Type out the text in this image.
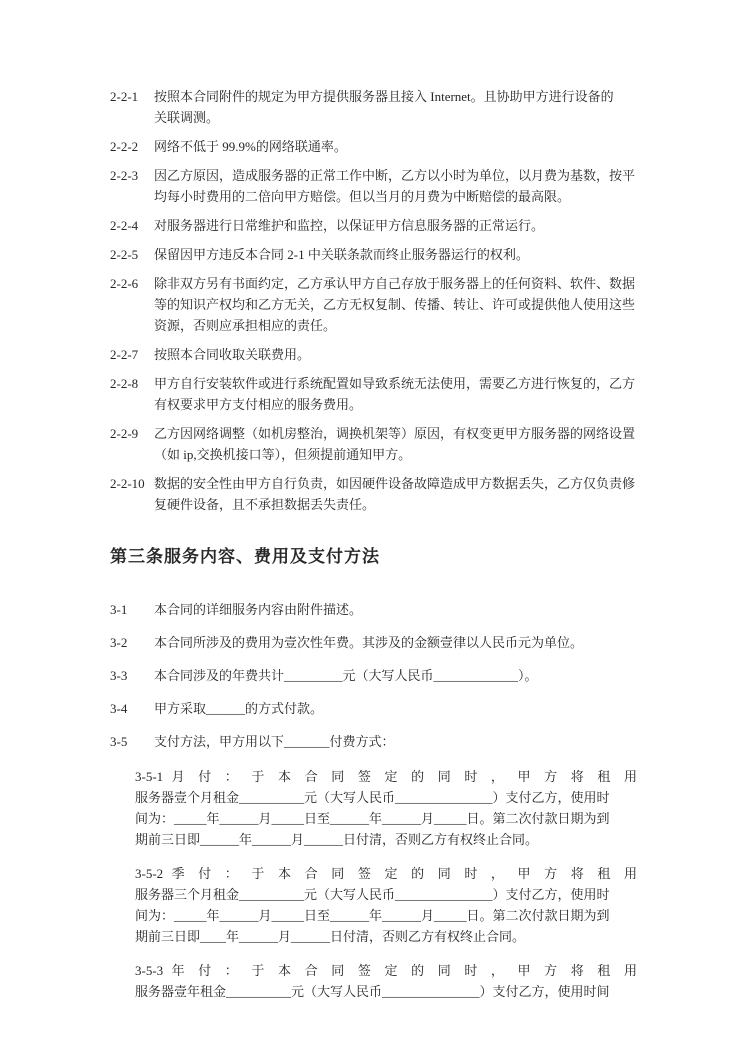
2-2-1	按照本合同附件的规定为甲方提供服务器且接入 Internet。且协助甲方进行设备的
关联调测。
2-2-2	网络不低于 99.9%的网络联通率。
2-2-3	因乙方原因，造成服务器的正常工作中断，乙方以小时为单位，以月费为基数，按平
均每小时费用的二倍向甲方赔偿。但以当月的月费为中断赔偿的最高限。
2-2-4	对服务器进行日常维护和监控，以保证甲方信息服务器的正常运行。
2-2-5	保留因甲方违反本合同 2-1 中关联条款而终止服务器运行的权利。
2-2-6	除非双方另有书面约定，乙方承认甲方自己存放于服务器上的任何资料、软件、数据
等的知识产权均和乙方无关，乙方无权复制、传播、转让、许可或提供他人使用这些
资源，否则应承担相应的责任。
2-2-7	按照本合同收取关联费用。
2-2-8	甲方自行安装软件或进行系统配置如导致系统无法使用，需要乙方进行恢复的，乙方
有权要求甲方支付相应的服务费用。
2-2-9	乙方因网络调整（如机房整治，调换机架等）原因，有权变更甲方服务器的网络设置
（如 ip,交换机接口等），但须提前通知甲方。
2-2-10 数据的安全性由甲方自行负责，如因硬件设备故障造成甲方数据丢失，乙方仅负责修
复硬件设备，且不承担数据丢失责任。
第三条服务内容、费用及支付方法
3-1	本合同的详细服务内容由附件描述。
3-2	本合同所涉及的费用为壹次性年费。其涉及的金额壹律以人民币元为单位。
3-3	本合同涉及的年费共计_________元（大写人民币_____________）。
3-4	甲方采取______的方式付款。
3-5	支付方法，甲方用以下_______付费方式：
3-5-1 月 付 ： 于 本 合 同 签 定 的 同 时 ， 甲 方 将 租 用
服务器壹个月租金__________元（大写人民币_______________）支付乙方，使用时
间为：_____年______月_____日至______年______月_____日。第二次付款日期为到
期前三日即______年______月______日付清，否则乙方有权终止合同。
3-5-2 季 付 ： 于 本 合 同 签 定 的 同 时 ， 甲 方 将 租 用
服务器三个月租金__________元（大写人民币_______________）支付乙方，使用时
间为：_____年______月_____日至______年______月_____日。第二次付款日期为到
期前三日即____年______月______日付清，否则乙方有权终止合同。
3-5-3 年 付 ： 于 本 合 同 签 定 的 同 时 ， 甲 方 将 租 用
服务器壹年租金__________元（大写人民币_______________）支付乙方，使用时间
